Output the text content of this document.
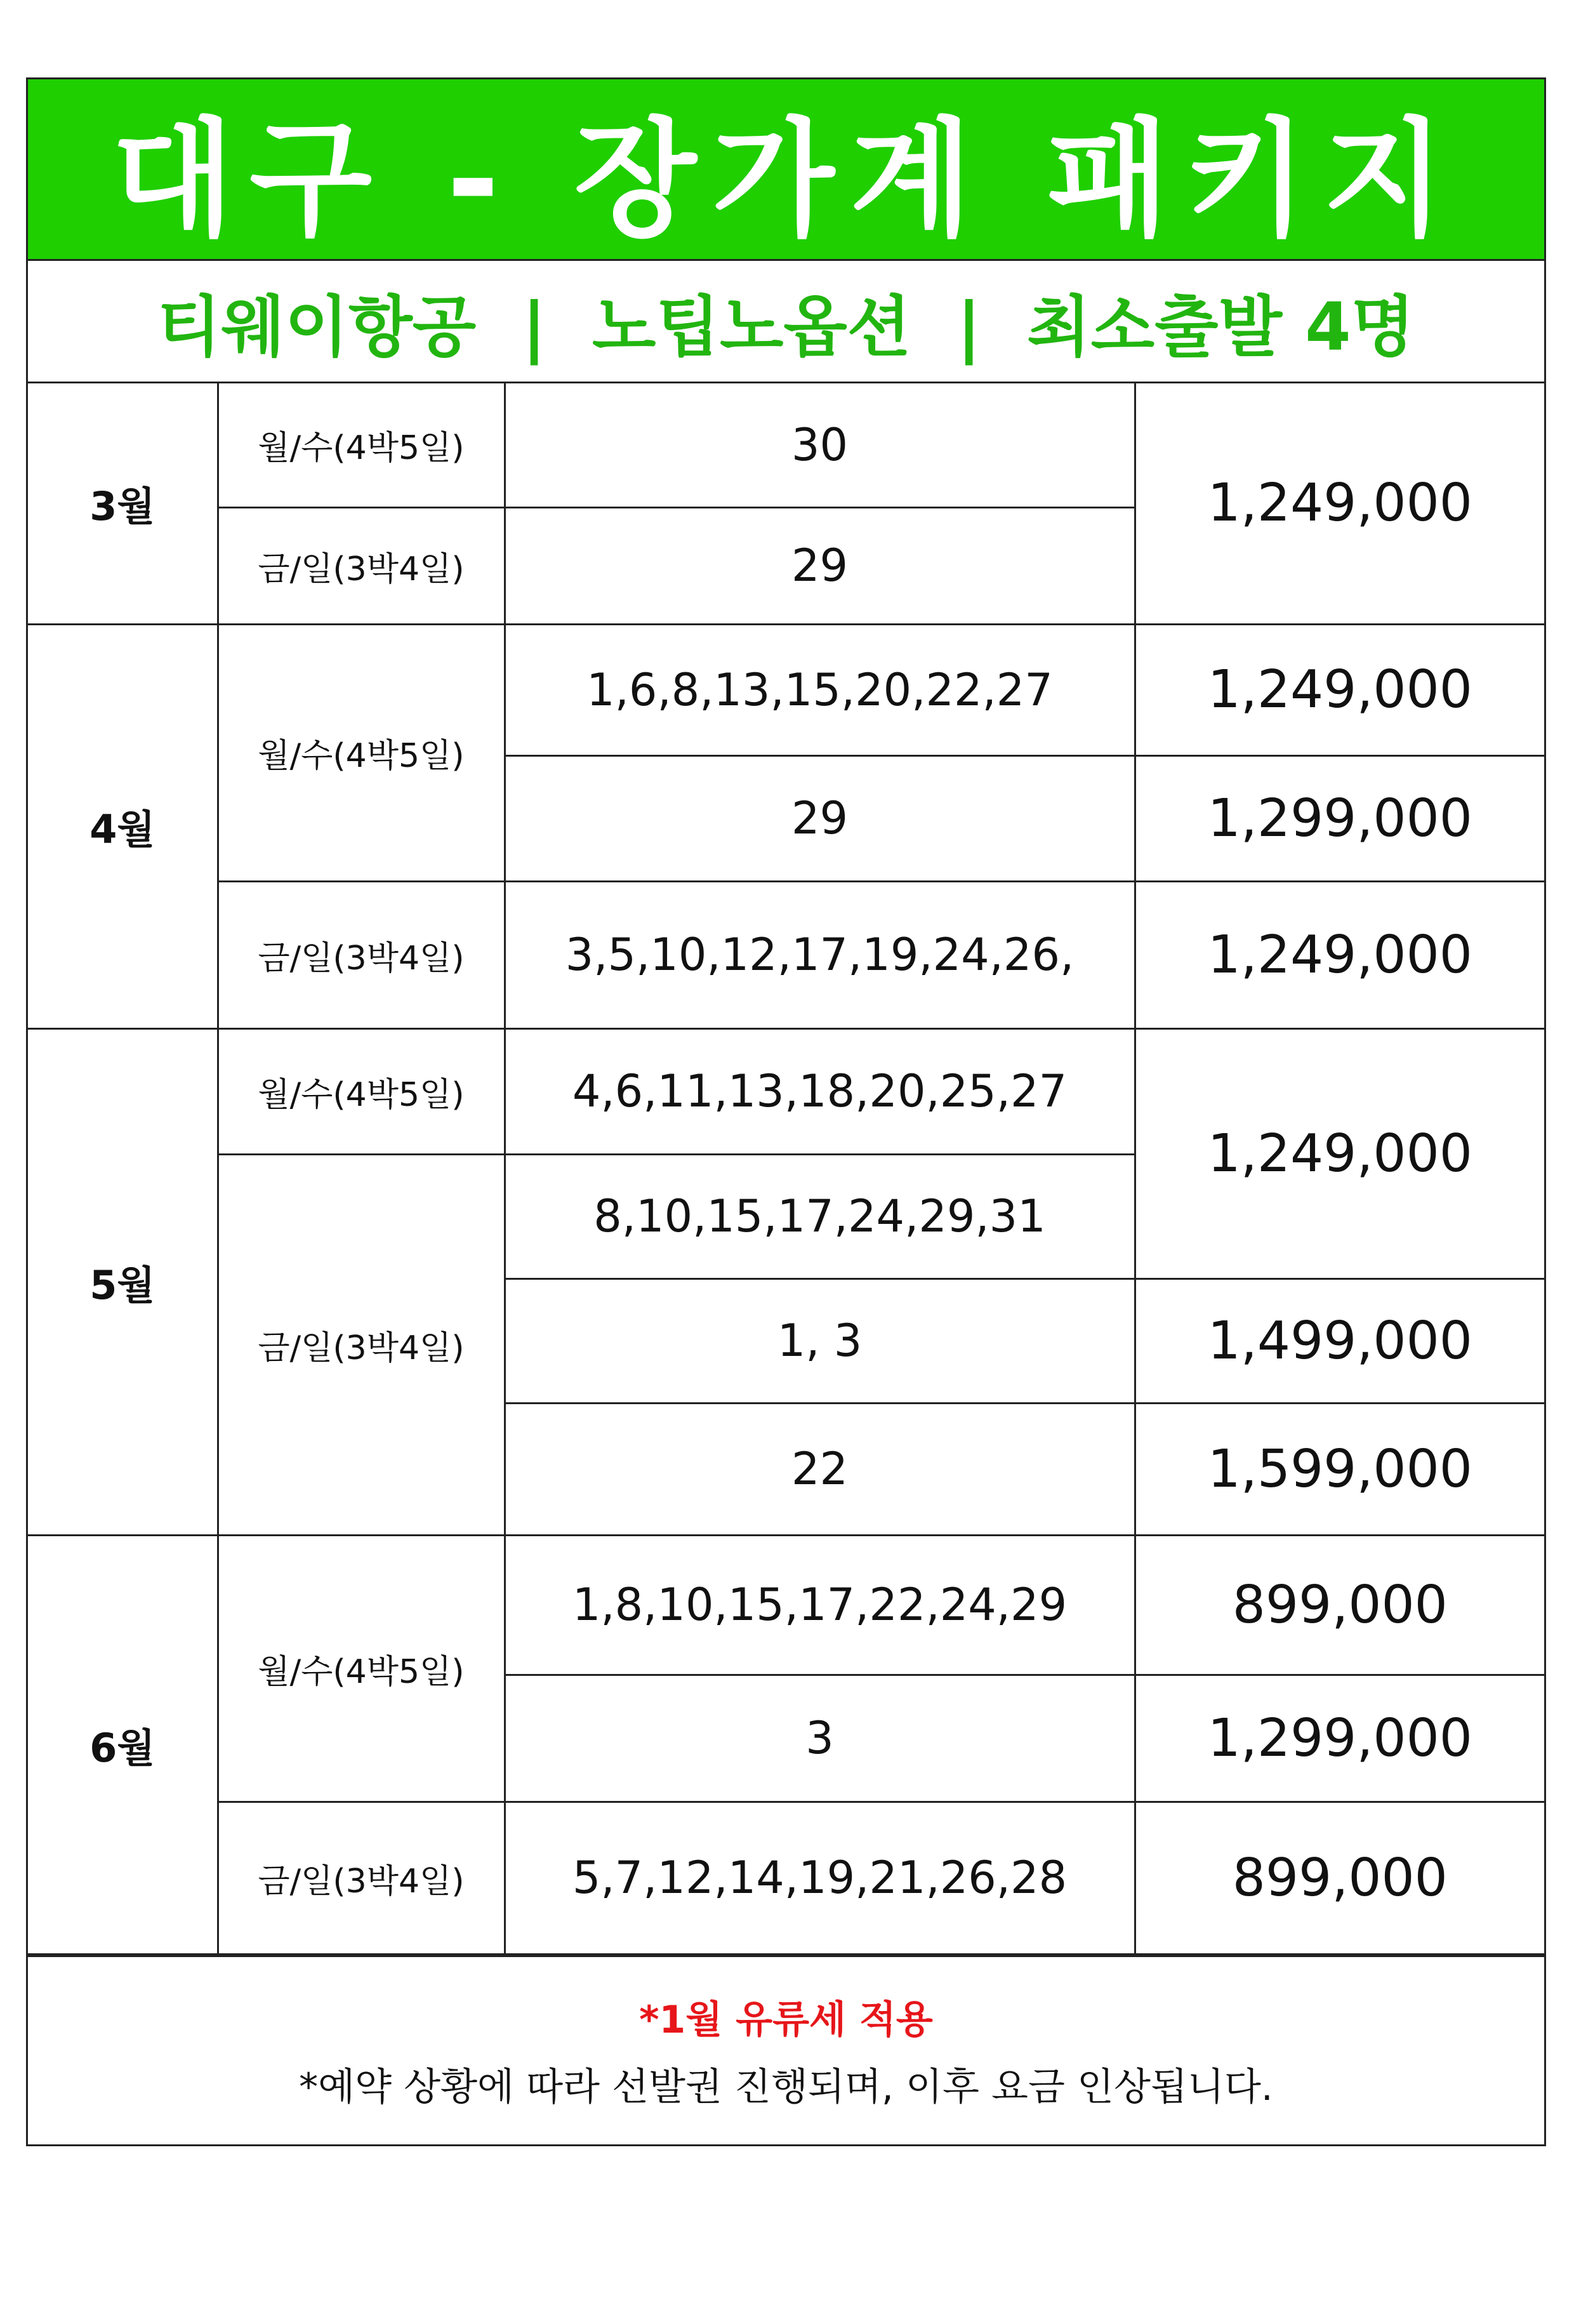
대구 - 장가계 패키지
티웨이항공  |  노팁노옵션  |  최소출발 4명
3월	월/수(4박5일)	30	1,249,000
	금/일(3박4일)	29	
4월	월/수(4박5일)	1,6,8,13,15,20,22,27	1,249,000
		29	1,299,000
	금/일(3박4일)	3,5,10,12,17,19,24,26,	1,249,000
5월	월/수(4박5일)	4,6,11,13,18,20,25,27	1,249,000
	금/일(3박4일)	8,10,15,17,24,29,31	
		1, 3	1,499,000
		22	1,599,000
6월	월/수(4박5일)	1,8,10,15,17,22,24,29	899,000
		3	1,299,000
	금/일(3박4일)	5,7,12,14,19,21,26,28	899,000
*1월 유류세 적용
*예약 상황에 따라 선발권 진행되며, 이후 요금 인상됩니다.
